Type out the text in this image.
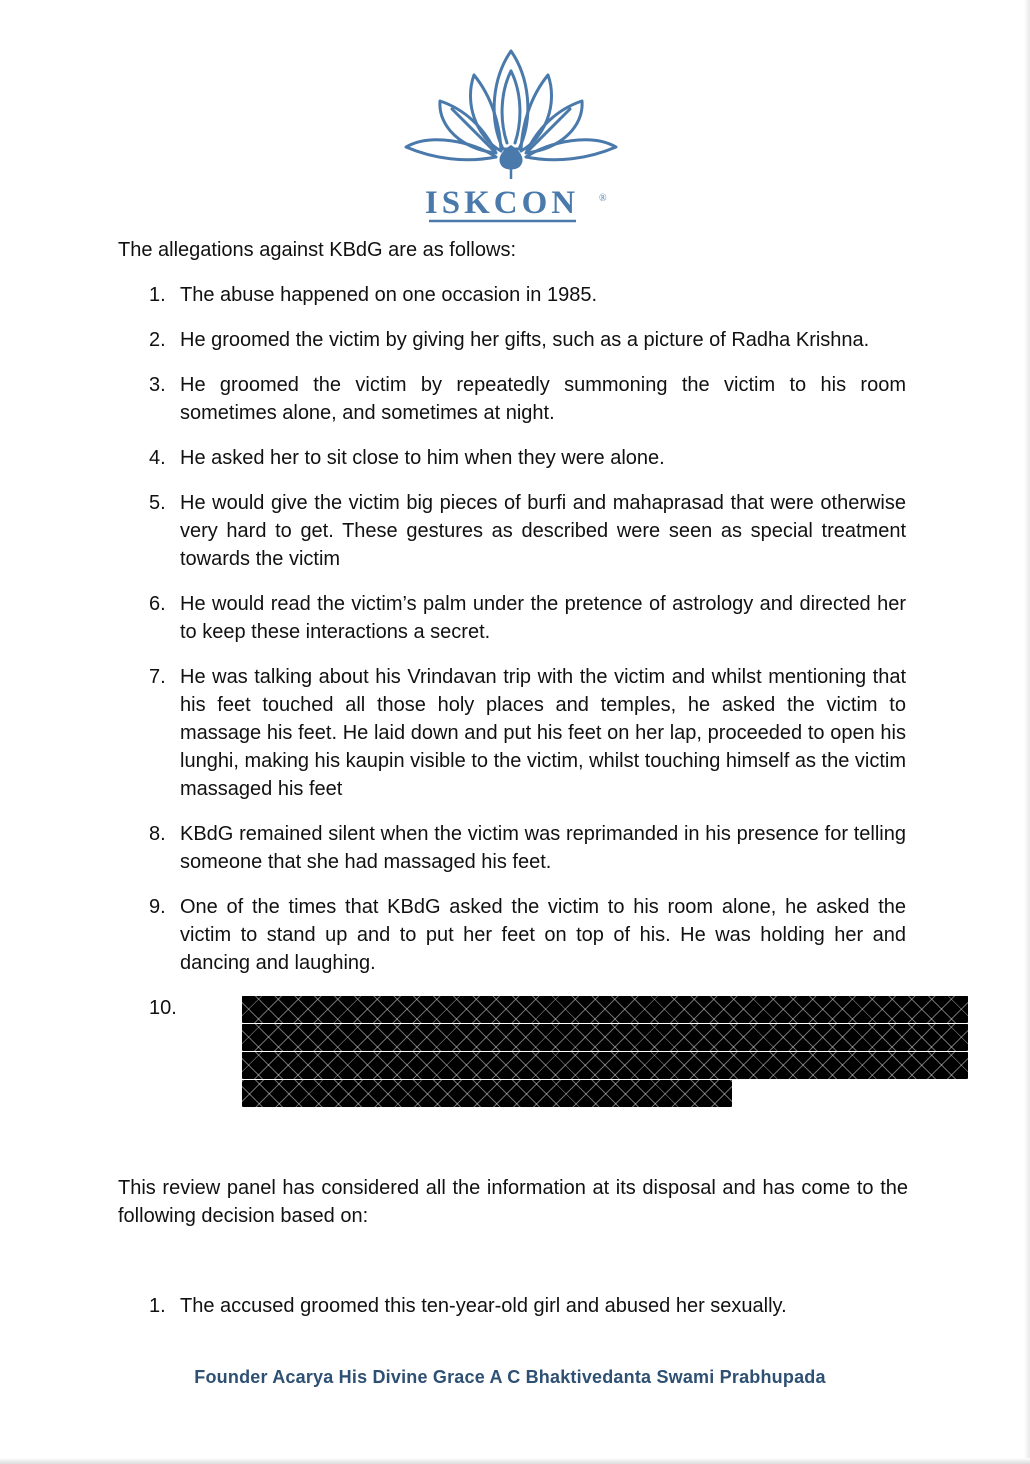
ISKCON ®
The allegations against KBdG are as follows:
1. The abuse happened on one occasion in 1985.
2. He groomed the victim by giving her gifts, such as a picture of Radha Krishna.
3. He groomed the victim by repeatedly summoning the victim to his room sometimes alone, and sometimes at night.
4. He asked her to sit close to him when they were alone.
5. He would give the victim big pieces of burfi and mahaprasad that were otherwise very hard to get. These gestures as described were seen as special treatment towards the victim
6. He would read the victim’s palm under the pretence of astrology and directed her to keep these interactions a secret.
7. He was talking about his Vrindavan trip with the victim and whilst mentioning that his feet touched all those holy places and temples, he asked the victim to massage his feet. He laid down and put his feet on her lap, proceeded to open his lunghi, making his kaupin visible to the victim, whilst touching himself as the victim massaged his feet
8. KBdG remained silent when the victim was reprimanded in his presence for telling someone that she had massaged his feet.
9. One of the times that KBdG asked the victim to his room alone, he asked the victim to stand up and to put her feet on top of his. He was holding her and dancing and laughing.
10.
This review panel has considered all the information at its disposal and has come to the following decision based on:
1. The accused groomed this ten-year-old girl and abused her sexually.
Founder Acarya His Divine Grace A C Bhaktivedanta Swami Prabhupada
